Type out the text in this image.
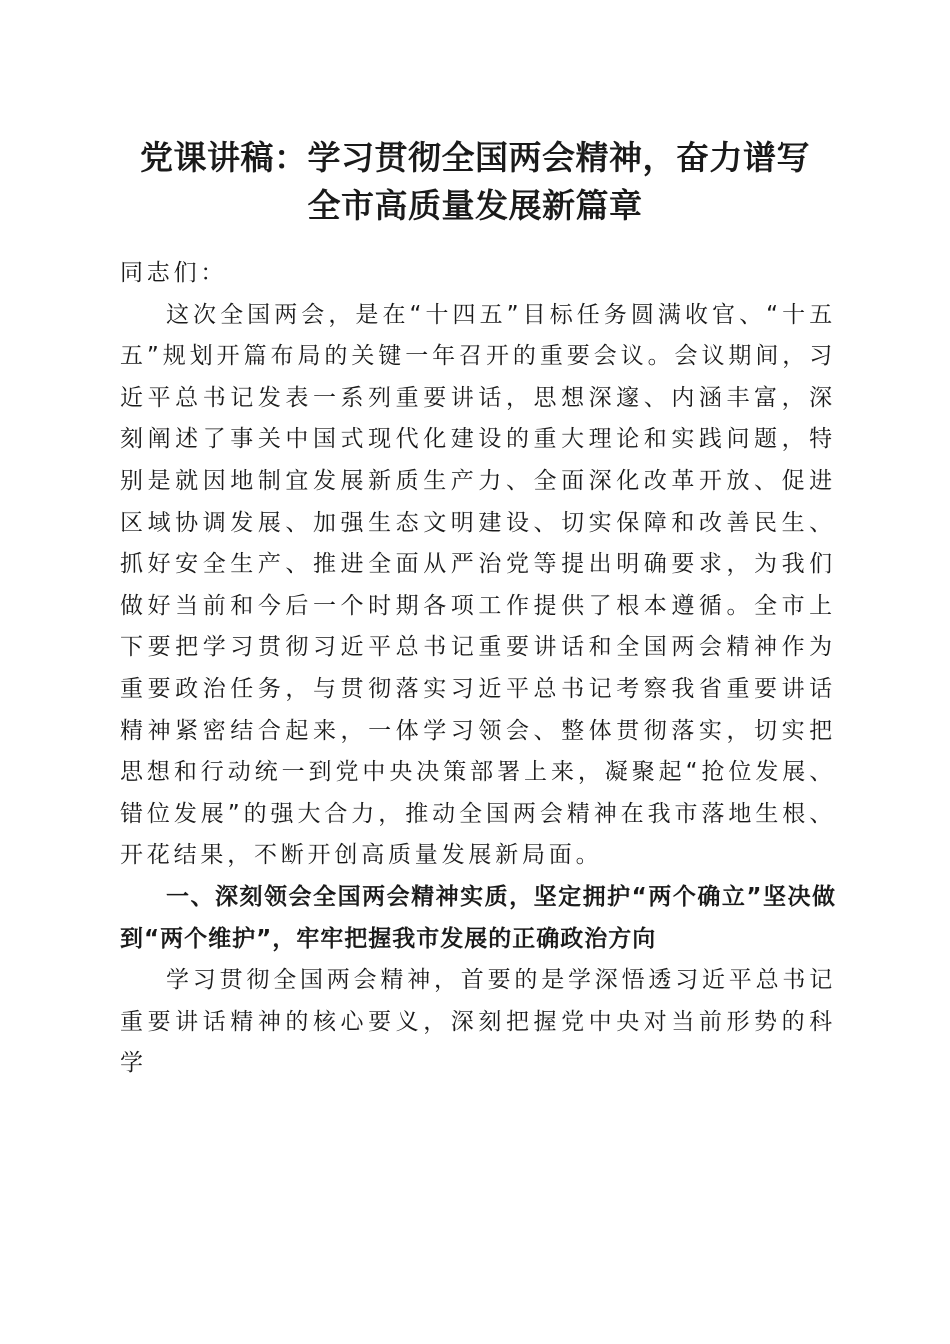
党课讲稿：学习贯彻全国两会精神，奋力谱写
全市高质量发展新篇章

同志们：

这次全国两会，是在“十四五”目标任务圆满收官、“十五五”规划开篇布局的关键一年召开的重要会议。会议期间，习近平总书记发表一系列重要讲话，思想深邃、内涵丰富，深刻阐述了事关中国式现代化建设的重大理论和实践问题，特别是就因地制宜发展新质生产力、全面深化改革开放、促进区域协调发展、加强生态文明建设、切实保障和改善民生、抓好安全生产、推进全面从严治党等提出明确要求，为我们做好当前和今后一个时期各项工作提供了根本遵循。全市上下要把学习贯彻习近平总书记重要讲话和全国两会精神作为重要政治任务，与贯彻落实习近平总书记考察我省重要讲话精神紧密结合起来，一体学习领会、整体贯彻落实，切实把思想和行动统一到党中央决策部署上来，凝聚起“抢位发展、错位发展”的强大合力，推动全国两会精神在我市落地生根、开花结果，不断开创高质量发展新局面。

一、深刻领会全国两会精神实质，坚定拥护“两个确立”坚决做到“两个维护”，牢牢把握我市发展的正确政治方向

学习贯彻全国两会精神，首要的是学深悟透习近平总书记重要讲话精神的核心要义，深刻把握党中央对当前形势的科学
